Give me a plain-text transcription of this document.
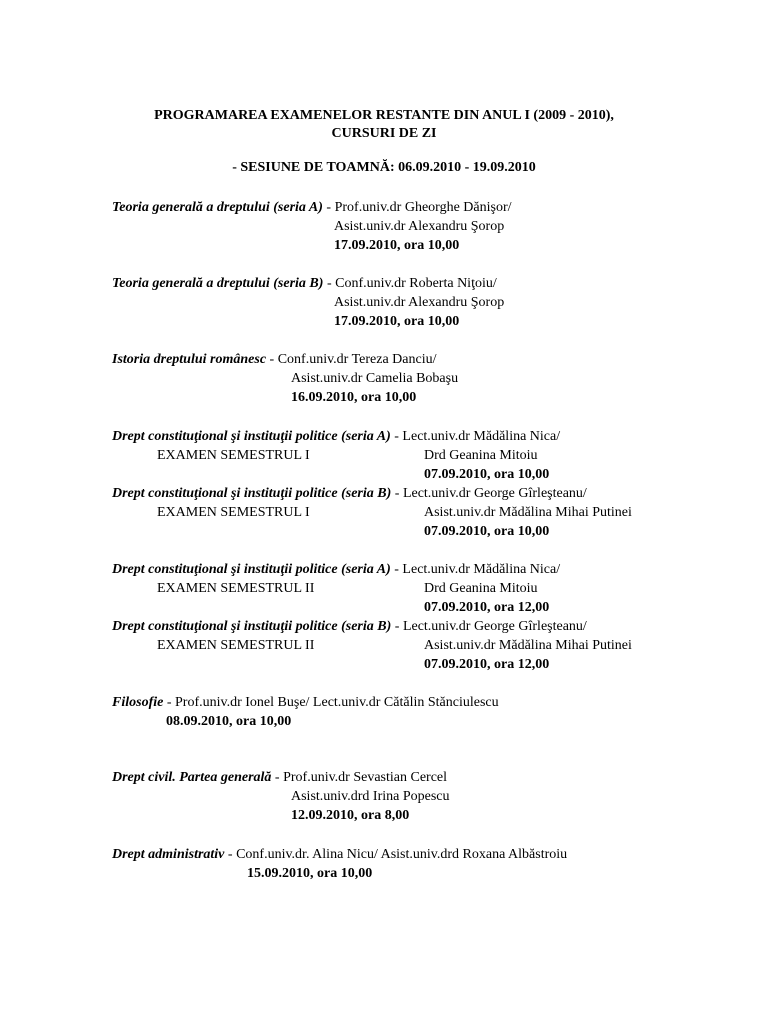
PROGRAMAREA EXAMENELOR RESTANTE DIN ANUL I (2009 - 2010),
CURSURI DE ZI
- SESIUNE DE TOAMNĂ: 06.09.2010 - 19.09.2010
Teoria generală a dreptului (seria A) - Prof.univ.dr Gheorghe Dănişor/
Asist.univ.dr Alexandru Şorop
17.09.2010, ora 10,00
Teoria generală a dreptului (seria B) - Conf.univ.dr Roberta Niţoiu/
Asist.univ.dr Alexandru Şorop
17.09.2010, ora 10,00
Istoria dreptului românesc - Conf.univ.dr Tereza Danciu/
Asist.univ.dr Camelia Bobaşu
16.09.2010, ora 10,00
Drept constituţional şi instituţii politice (seria A) - Lect.univ.dr Mădălina Nica/
EXAMEN SEMESTRUL I	Drd Geanina Mitoiu
07.09.2010, ora 10,00
Drept constituţional şi instituţii politice (seria B) - Lect.univ.dr George Gîrleşteanu/
EXAMEN SEMESTRUL I	Asist.univ.dr Mădălina Mihai Putinei
07.09.2010, ora 10,00
Drept constituţional şi instituţii politice (seria A) - Lect.univ.dr Mădălina Nica/
EXAMEN SEMESTRUL II	Drd Geanina Mitoiu
07.09.2010, ora 12,00
Drept constituţional şi instituţii politice (seria B) - Lect.univ.dr George Gîrleşteanu/
EXAMEN SEMESTRUL II	Asist.univ.dr Mădălina Mihai Putinei
07.09.2010, ora 12,00
Filosofie - Prof.univ.dr Ionel Buşe/ Lect.univ.dr Cătălin Stănciulescu
08.09.2010, ora 10,00
Drept civil. Partea generală - Prof.univ.dr Sevastian Cercel
Asist.univ.drd Irina Popescu
12.09.2010, ora 8,00
Drept administrativ - Conf.univ.dr. Alina Nicu/ Asist.univ.drd Roxana Albăstroiu
15.09.2010, ora 10,00
